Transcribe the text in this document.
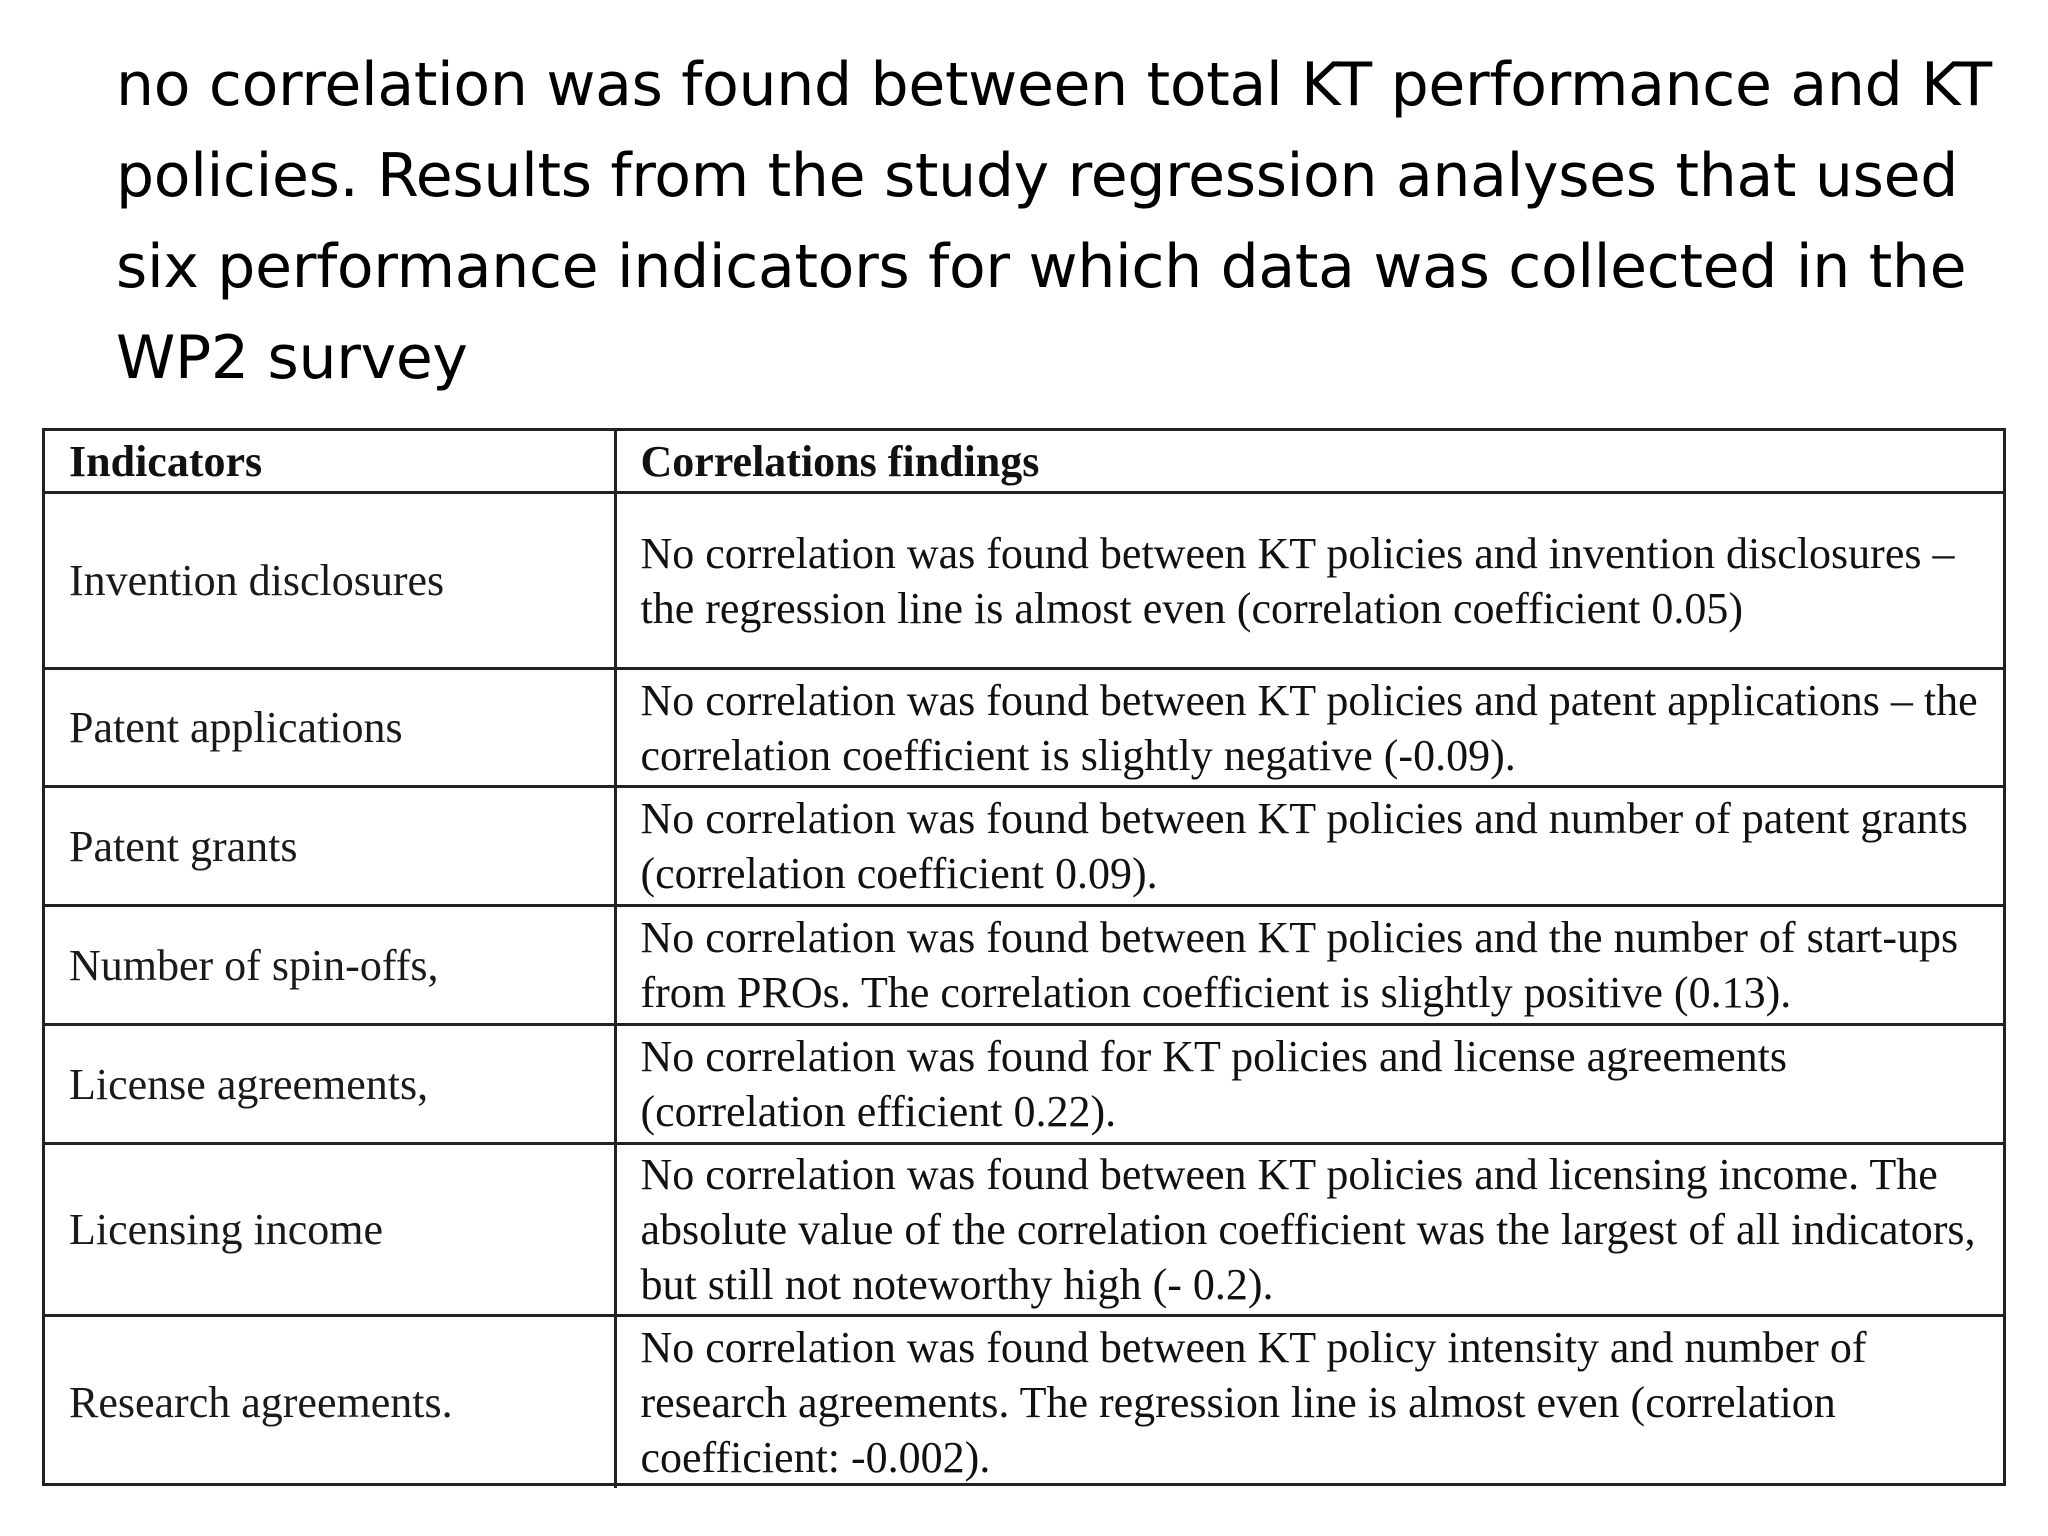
no correlation was found between total KT performance and KT policies. Results from the study regression analyses that used six performance indicators for which data was collected in the WP2 survey

Indicators	Correlations findings
Invention disclosures	No correlation was found between KT policies and invention disclosures – the regression line is almost even (correlation coefficient 0.05)
Patent applications	No correlation was found between KT policies and patent applications – the correlation coefficient is slightly negative (-0.09).
Patent grants	No correlation was found between KT policies and number of patent grants (correlation coefficient 0.09).
Number of spin-offs,	No correlation was found between KT policies and the number of start-ups from PROs. The correlation coefficient is slightly positive (0.13).
License agreements,	No correlation was found for KT policies and license agreements (correlation efficient 0.22).
Licensing income	No correlation was found between KT policies and licensing income. The absolute value of the correlation coefficient was the largest of all indicators, but still not noteworthy high (- 0.2).
Research agreements.	No correlation was found between KT policy intensity and number of research agreements. The regression line is almost even (correlation coefficient: -0.002).
